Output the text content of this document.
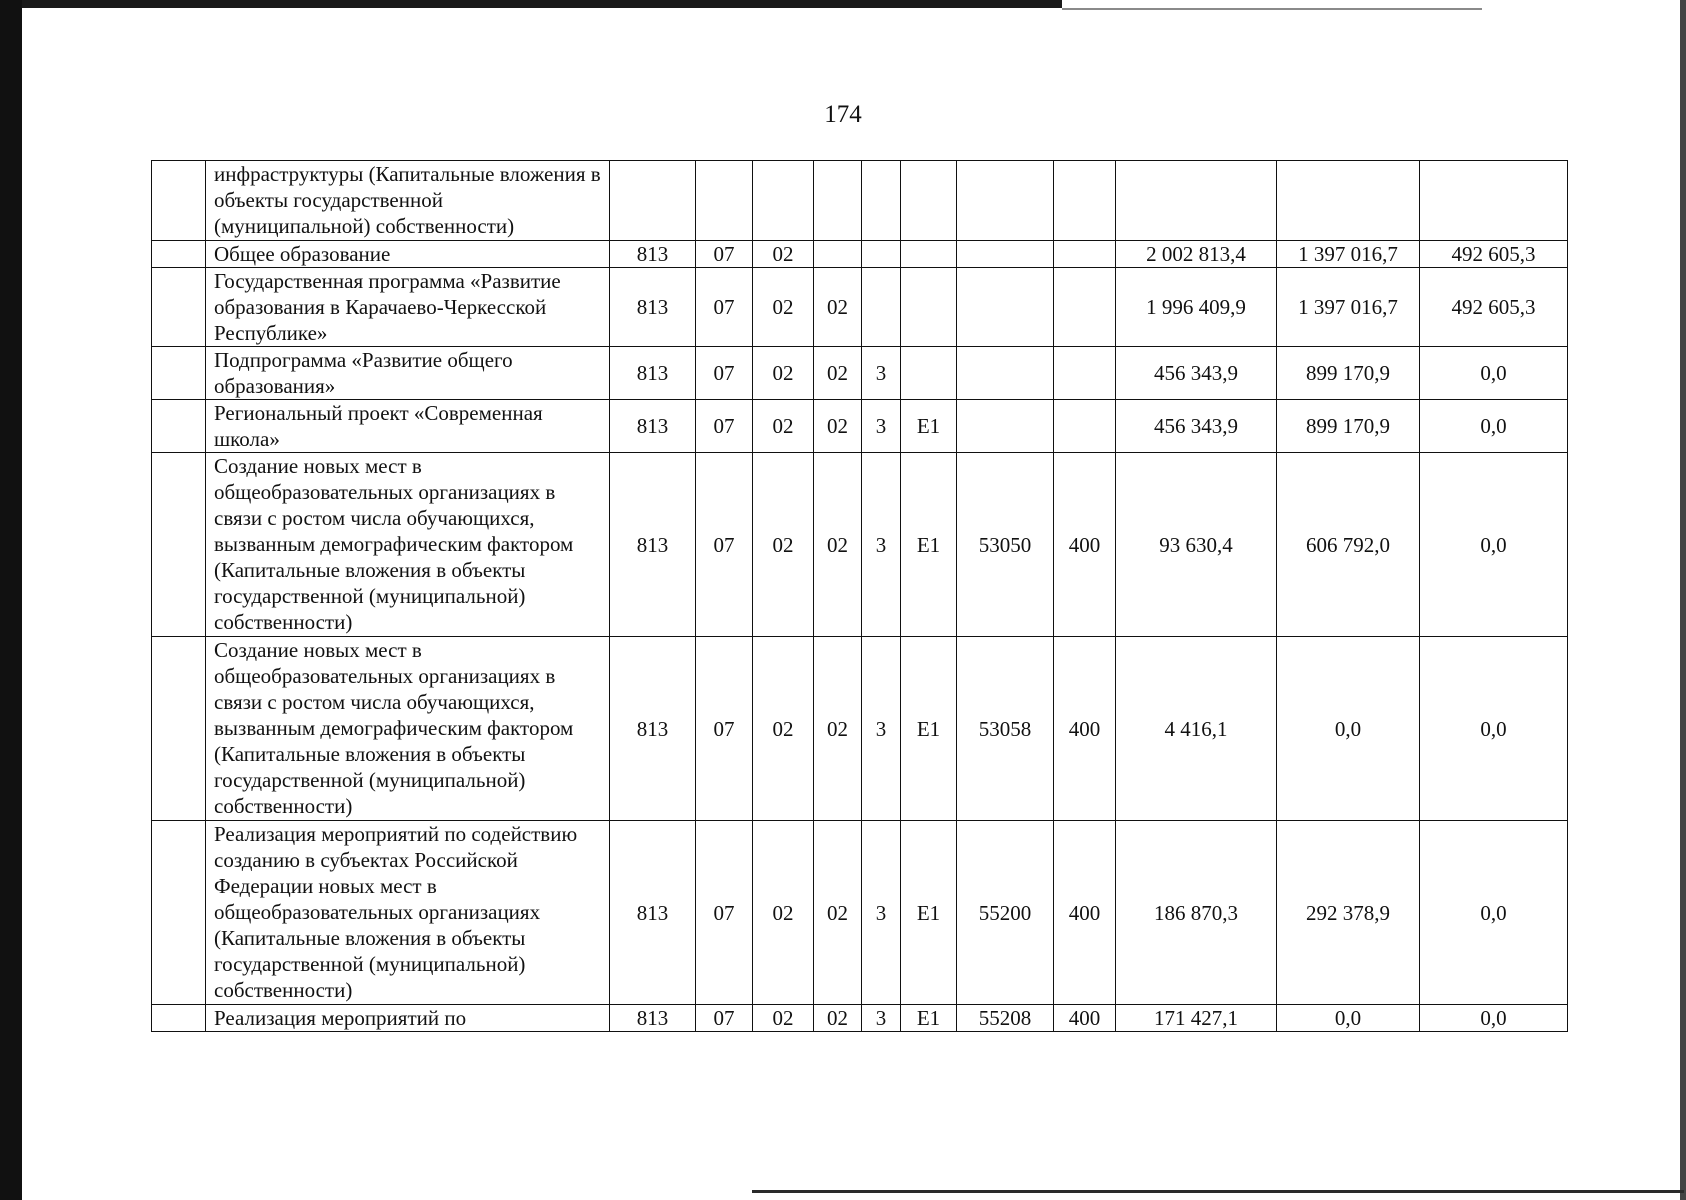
174
	инфраструктуры (Капитальные вложения в объекты государственной (муниципальной) собственности)											
	Общее образование	813	07	02						2 002 813,4	1 397 016,7	492 605,3
	Государственная программа «Развитие образования в Карачаево-Черкесской Республике»	813	07	02	02					1 996 409,9	1 397 016,7	492 605,3
	Подпрограмма «Развитие общего образования»	813	07	02	02	3				456 343,9	899 170,9	0,0
	Региональный проект «Современная школа»	813	07	02	02	3	E1			456 343,9	899 170,9	0,0
	Создание новых мест в общеобразовательных организациях в связи с ростом числа обучающихся, вызванным демографическим фактором (Капитальные вложения в объекты государственной (муниципальной) собственности)	813	07	02	02	3	E1	53050	400	93 630,4	606 792,0	0,0
	Создание новых мест в общеобразовательных организациях в связи с ростом числа обучающихся, вызванным демографическим фактором (Капитальные вложения в объекты государственной (муниципальной) собственности)	813	07	02	02	3	E1	53058	400	4 416,1	0,0	0,0
	Реализация мероприятий по содействию созданию в субъектах Российской Федерации новых мест в общеобразовательных организациях (Капитальные вложения в объекты государственной (муниципальной) собственности)	813	07	02	02	3	E1	55200	400	186 870,3	292 378,9	0,0
	Реализация мероприятий по	813	07	02	02	3	E1	55208	400	171 427,1	0,0	0,0
